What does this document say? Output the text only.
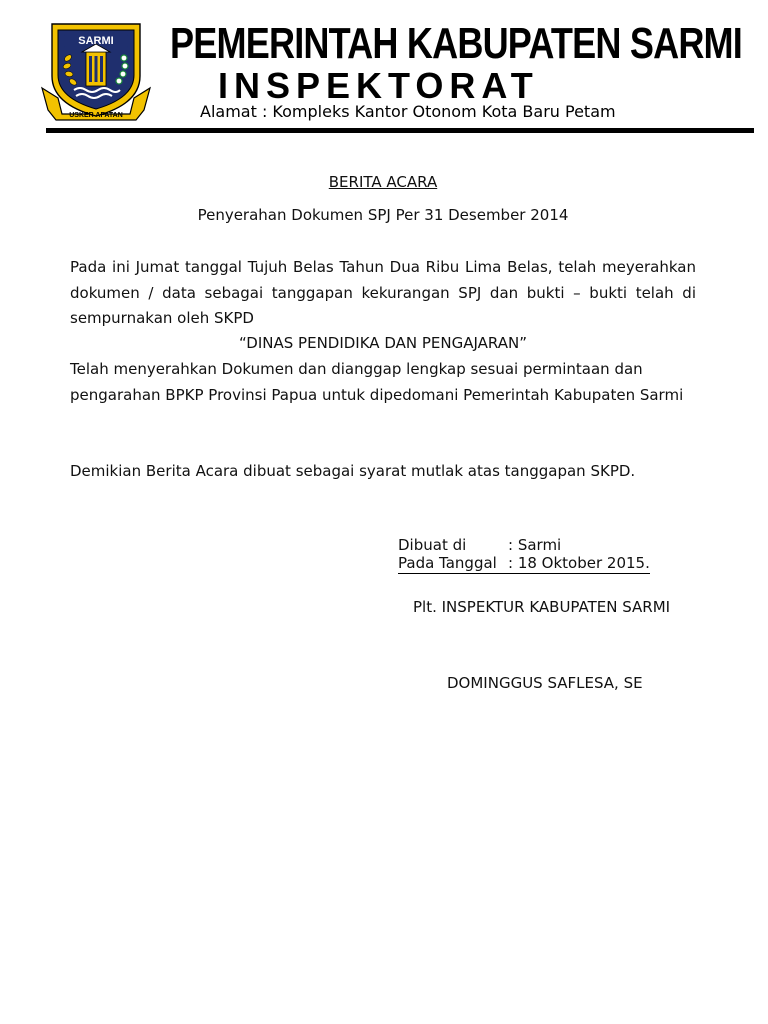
SARMI
USKER AFATAN
PEMERINTAH KABUPATEN SARMI
INSPEKTORAT
Alamat : Kompleks Kantor Otonom Kota Baru Petam
BERITA ACARA
Penyerahan Dokumen SPJ Per 31 Desember 2014
Pada ini Jumat tanggal Tujuh Belas Tahun Dua Ribu Lima Belas, telah meyerahkan dokumen / data sebagai tanggapan kekurangan SPJ dan bukti – bukti telah di sempurnakan oleh SKPD
“DINAS PENDIDIKA DAN PENGAJARAN”
Telah menyerahkan Dokumen dan dianggap lengkap sesuai permintaan dan pengarahan BPKP Provinsi Papua untuk dipedomani Pemerintah Kabupaten Sarmi
Demikian Berita Acara dibuat sebagai syarat mutlak atas tanggapan SKPD.
Dibuat di	: Sarmi
Pada Tanggal : 18 Oktober 2015.
Plt. INSPEKTUR KABUPATEN SARMI
DOMINGGUS SAFLESA, SE
